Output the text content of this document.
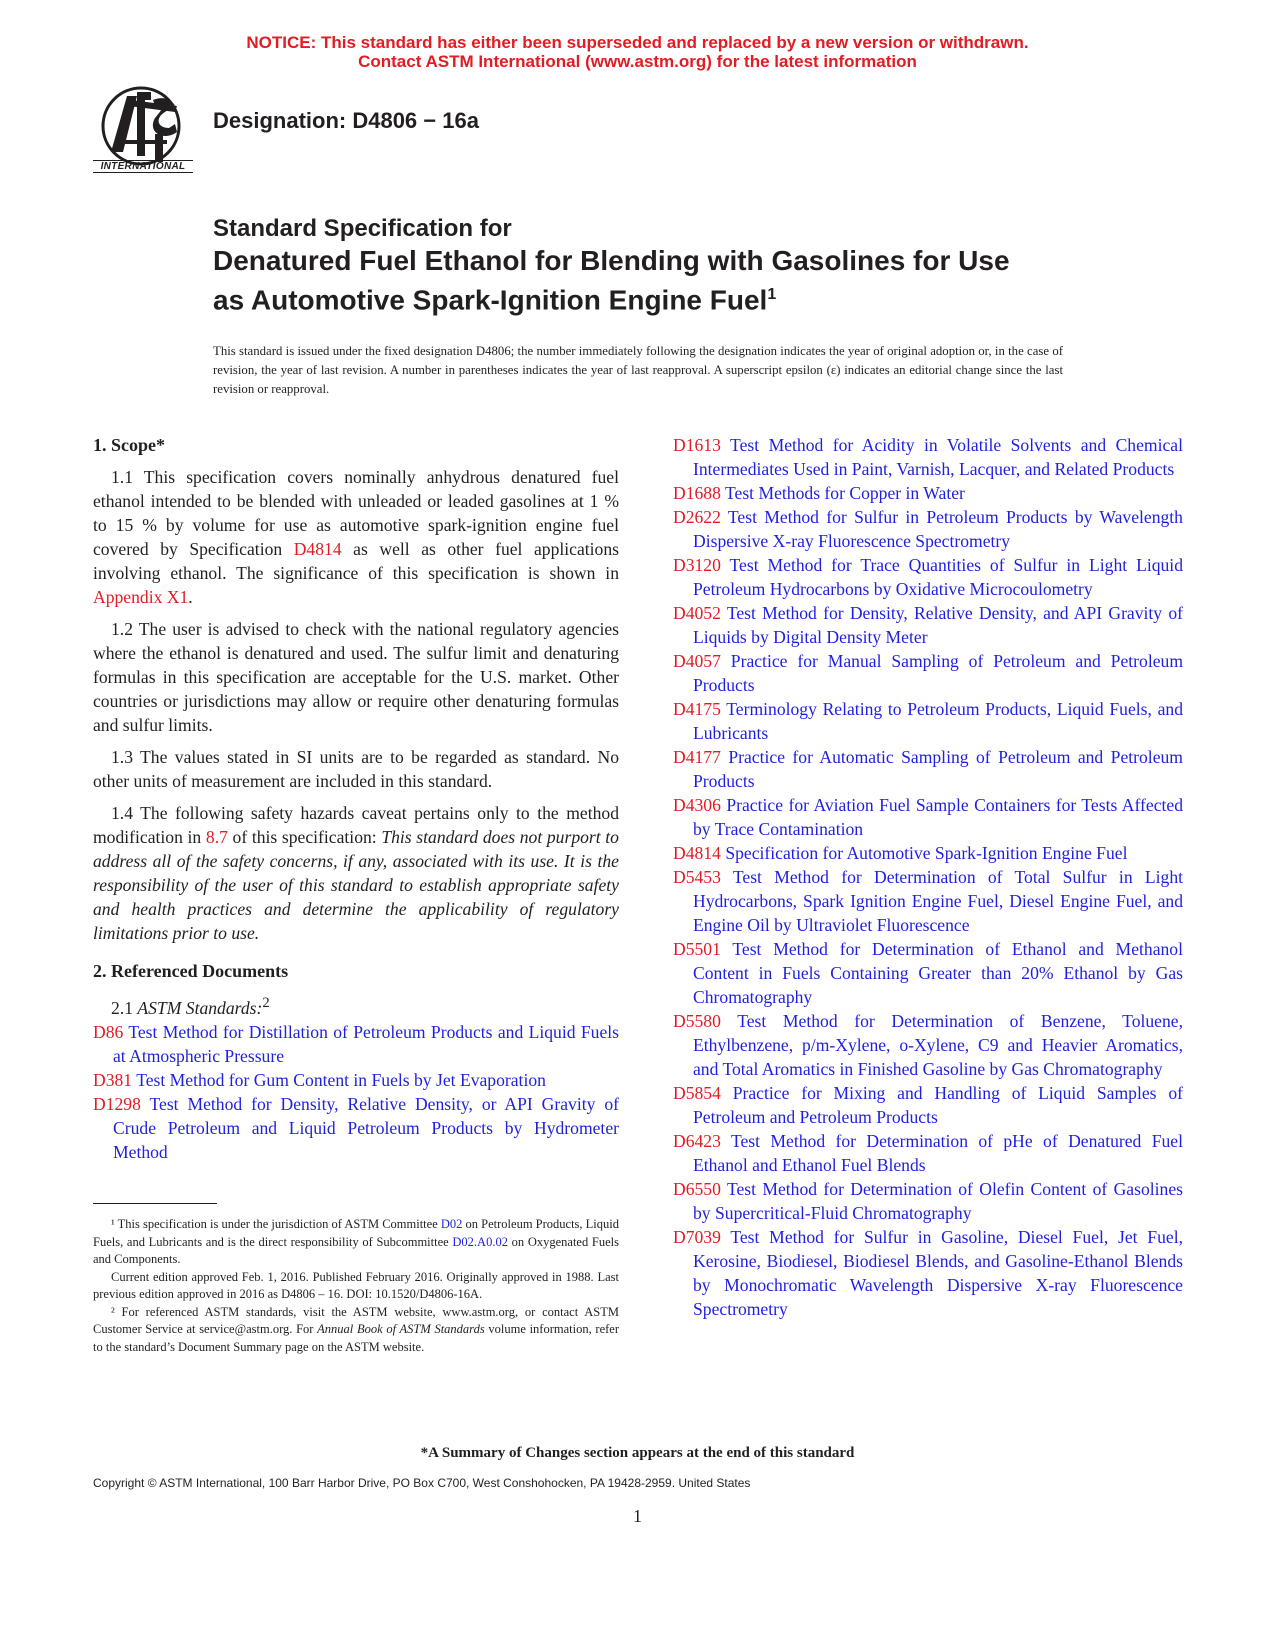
NOTICE: This standard has either been superseded and replaced by a new version or withdrawn.
Contact ASTM International (www.astm.org) for the latest information
INTERNATIONAL
Designation: D4806 − 16a
Standard Specification for
Denatured Fuel Ethanol for Blending with Gasolines for Use
as Automotive Spark-Ignition Engine Fuel$^1$
This standard is issued under the fixed designation D4806; the number immediately following the designation indicates the year of original adoption or, in the case of revision, the year of last revision. A number in parentheses indicates the year of last reapproval. A superscript epsilon (ε) indicates an editorial change since the last revision or reapproval.
1. Scope*
1.1 This specification covers nominally anhydrous denatured fuel ethanol intended to be blended with unleaded or leaded gasolines at 1 % to 15 % by volume for use as automotive spark-ignition engine fuel covered by Specification D4814 as well as other fuel applications involving ethanol. The significance of this specification is shown in Appendix X1.
1.2 The user is advised to check with the national regulatory agencies where the ethanol is denatured and used. The sulfur limit and denaturing formulas in this specification are acceptable for the U.S. market. Other countries or jurisdictions may allow or require other denaturing formulas and sulfur limits.
1.3 The values stated in SI units are to be regarded as standard. No other units of measurement are included in this standard.
1.4 The following safety hazards caveat pertains only to the method modification in 8.7 of this specification: This standard does not purport to address all of the safety concerns, if any, associated with its use. It is the responsibility of the user of this standard to establish appropriate safety and health practices and determine the applicability of regulatory limitations prior to use.
2. Referenced Documents
2.1 ASTM Standards:$^2$
D86 Test Method for Distillation of Petroleum Products and Liquid Fuels at Atmospheric Pressure
D381 Test Method for Gum Content in Fuels by Jet Evaporation
D1298 Test Method for Density, Relative Density, or API Gravity of Crude Petroleum and Liquid Petroleum Products by Hydrometer Method
D1613 Test Method for Acidity in Volatile Solvents and Chemical Intermediates Used in Paint, Varnish, Lacquer, and Related Products
D1688 Test Methods for Copper in Water
D2622 Test Method for Sulfur in Petroleum Products by Wavelength Dispersive X-ray Fluorescence Spectrometry
D3120 Test Method for Trace Quantities of Sulfur in Light Liquid Petroleum Hydrocarbons by Oxidative Microcoulometry
D4052 Test Method for Density, Relative Density, and API Gravity of Liquids by Digital Density Meter
D4057 Practice for Manual Sampling of Petroleum and Petroleum Products
D4175 Terminology Relating to Petroleum Products, Liquid Fuels, and Lubricants
D4177 Practice for Automatic Sampling of Petroleum and Petroleum Products
D4306 Practice for Aviation Fuel Sample Containers for Tests Affected by Trace Contamination
D4814 Specification for Automotive Spark-Ignition Engine Fuel
D5453 Test Method for Determination of Total Sulfur in Light Hydrocarbons, Spark Ignition Engine Fuel, Diesel Engine Fuel, and Engine Oil by Ultraviolet Fluorescence
D5501 Test Method for Determination of Ethanol and Methanol Content in Fuels Containing Greater than 20% Ethanol by Gas Chromatography
D5580 Test Method for Determination of Benzene, Toluene, Ethylbenzene, p/m-Xylene, o-Xylene, C9 and Heavier Aromatics, and Total Aromatics in Finished Gasoline by Gas Chromatography
D5854 Practice for Mixing and Handling of Liquid Samples of Petroleum and Petroleum Products
D6423 Test Method for Determination of pHe of Denatured Fuel Ethanol and Ethanol Fuel Blends
D6550 Test Method for Determination of Olefin Content of Gasolines by Supercritical-Fluid Chromatography
D7039 Test Method for Sulfur in Gasoline, Diesel Fuel, Jet Fuel, Kerosine, Biodiesel, Biodiesel Blends, and Gasoline-Ethanol Blends by Monochromatic Wavelength Dispersive X-ray Fluorescence Spectrometry
¹ This specification is under the jurisdiction of ASTM Committee D02 on Petroleum Products, Liquid Fuels, and Lubricants and is the direct responsibility of Subcommittee D02.A0.02 on Oxygenated Fuels and Components.
Current edition approved Feb. 1, 2016. Published February 2016. Originally approved in 1988. Last previous edition approved in 2016 as D4806 – 16. DOI: 10.1520/D4806-16A.
² For referenced ASTM standards, visit the ASTM website, www.astm.org, or contact ASTM Customer Service at service@astm.org. For Annual Book of ASTM Standards volume information, refer to the standard’s Document Summary page on the ASTM website.
*A Summary of Changes section appears at the end of this standard
Copyright © ASTM International, 100 Barr Harbor Drive, PO Box C700, West Conshohocken, PA 19428-2959. United States
1
